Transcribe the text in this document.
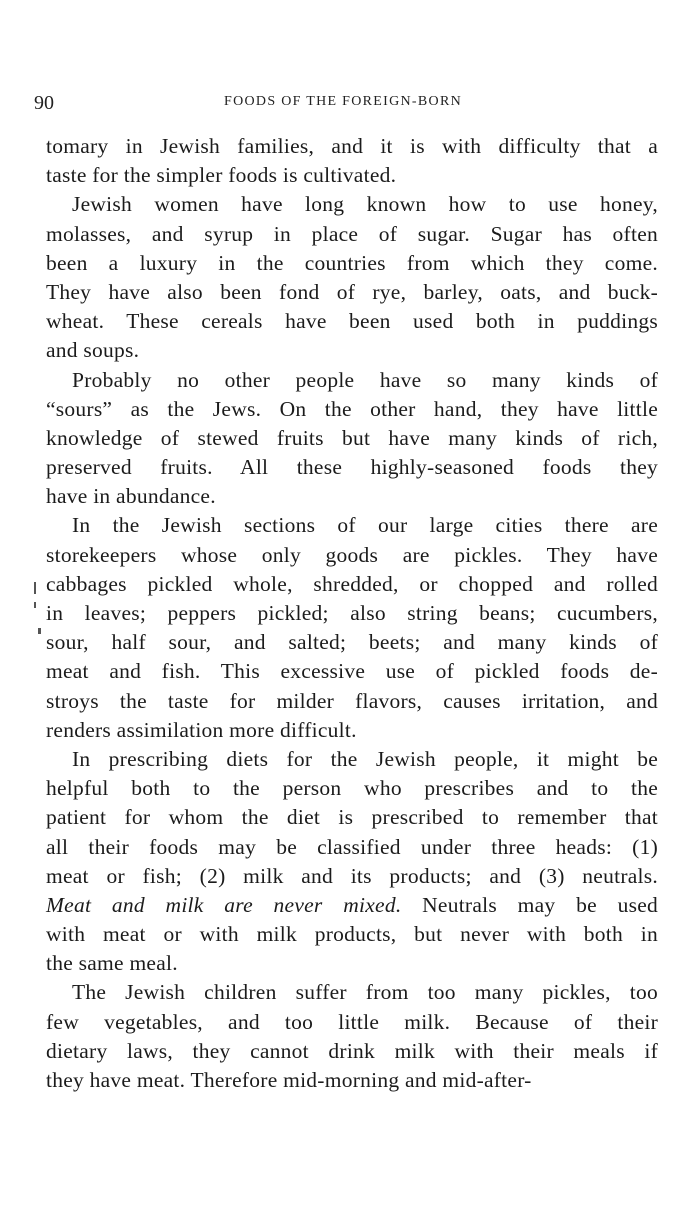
90	FOODS OF THE FOREIGN-BORN
tomary in Jewish families, and it is with difficulty that a
taste for the simpler foods is cultivated.
Jewish women have long known how to use honey,
molasses, and syrup in place of sugar. Sugar has often
been a luxury in the countries from which they come.
They have also been fond of rye, barley, oats, and buck-
wheat. These cereals have been used both in puddings
and soups.
Probably no other people have so many kinds of
“sours” as the Jews. On the other hand, they have little
knowledge of stewed fruits but have many kinds of rich,
preserved fruits. All these highly-seasoned foods they
have in abundance.
In the Jewish sections of our large cities there are
storekeepers whose only goods are pickles. They have
cabbages pickled whole, shredded, or chopped and rolled
in leaves; peppers pickled; also string beans; cucumbers,
sour, half sour, and salted; beets; and many kinds of
meat and fish. This excessive use of pickled foods de-
stroys the taste for milder flavors, causes irritation, and
renders assimilation more difficult.
In prescribing diets for the Jewish people, it might be
helpful both to the person who prescribes and to the
patient for whom the diet is prescribed to remember that
all their foods may be classified under three heads: (1)
meat or fish; (2) milk and its products; and (3) neutrals.
Meat and milk are never mixed. Neutrals may be used
with meat or with milk products, but never with both in
the same meal.
The Jewish children suffer from too many pickles, too
few vegetables, and too little milk. Because of their
dietary laws, they cannot drink milk with their meals if
they have meat. Therefore mid-morning and mid-after-
